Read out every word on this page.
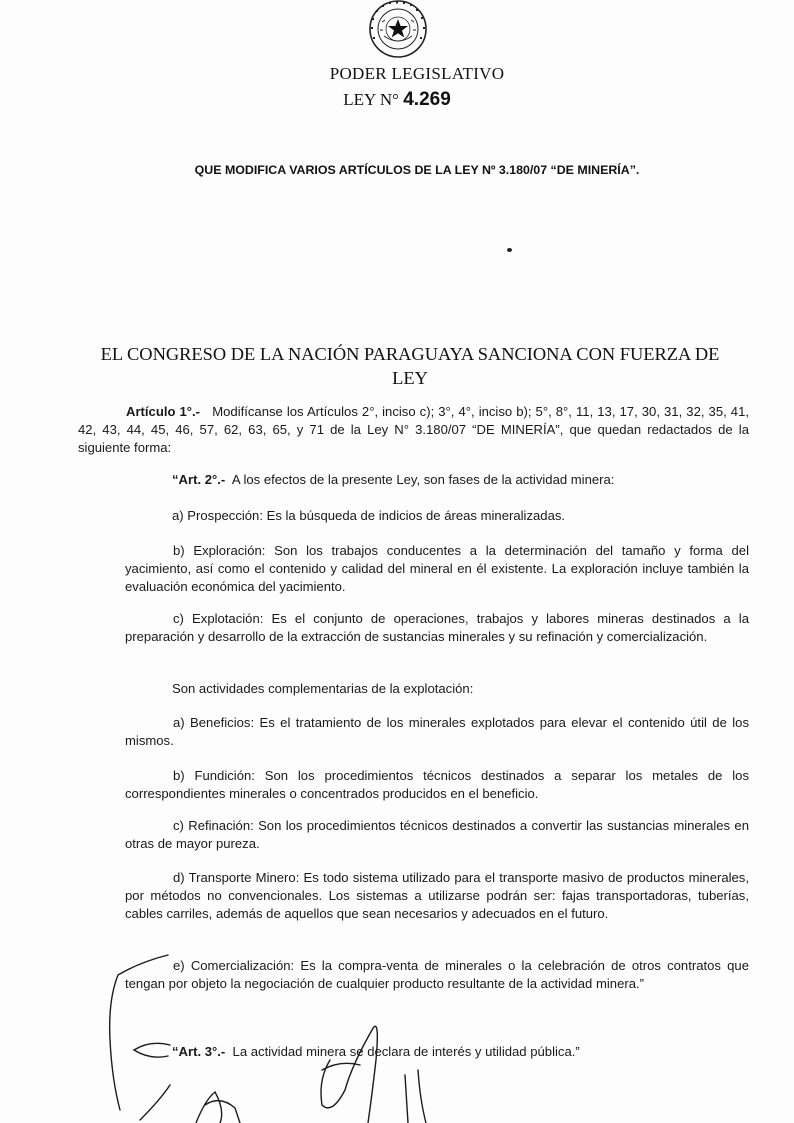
PODER LEGISLATIVO
LEY N° 4.269
QUE MODIFICA VARIOS ARTÍCULOS DE LA LEY Nº 3.180/07 “DE MINERÍA”.
EL CONGRESO DE LA NACIÓN PARAGUAYA SANCIONA CON FUERZA DE
LEY

Artículo 1°.- Modifícanse los Artículos 2°, inciso c); 3°, 4°, inciso b); 5°, 8°, 11, 13, 17, 30, 31, 32, 35, 41, 42, 43, 44, 45, 46, 57, 62, 63, 65, y 71 de la Ley N° 3.180/07 “DE MINERÍA”, que quedan redactados de la siguiente forma:

“Art. 2°.- A los efectos de la presente Ley, son fases de la actividad minera:

a) Prospección: Es la búsqueda de indicios de áreas mineralizadas.

b) Exploración: Son los trabajos conducentes a la determinación del tamaño y forma del yacimiento, así como el contenido y calidad del mineral en él existente. La exploración incluye también la evaluación económica del yacimiento.

c) Explotación: Es el conjunto de operaciones, trabajos y labores mineras destinados a la preparación y desarrollo de la extracción de sustancias minerales y su refinación y comercialización.

Son actividades complementarias de la explotación:

a) Beneficios: Es el tratamiento de los minerales explotados para elevar el contenido útil de los mismos.

b) Fundición: Son los procedimientos técnicos destinados a separar los metales de los correspondientes minerales o concentrados producidos en el beneficio.

c) Refinación: Son los procedimientos técnicos destinados a convertir las sustancias minerales en otras de mayor pureza.

d) Transporte Minero: Es todo sistema utilizado para el transporte masivo de productos minerales, por métodos no convencionales. Los sistemas a utilizarse podrán ser: fajas transportadoras, tuberías, cables carriles, además de aquellos que sean necesarios y adecuados en el futuro.

e) Comercialización: Es la compra-venta de minerales o la celebración de otros contratos que tengan por objeto la negociación de cualquier producto resultante de la actividad minera.”

“Art. 3°.- La actividad minera se declara de interés y utilidad pública.”
